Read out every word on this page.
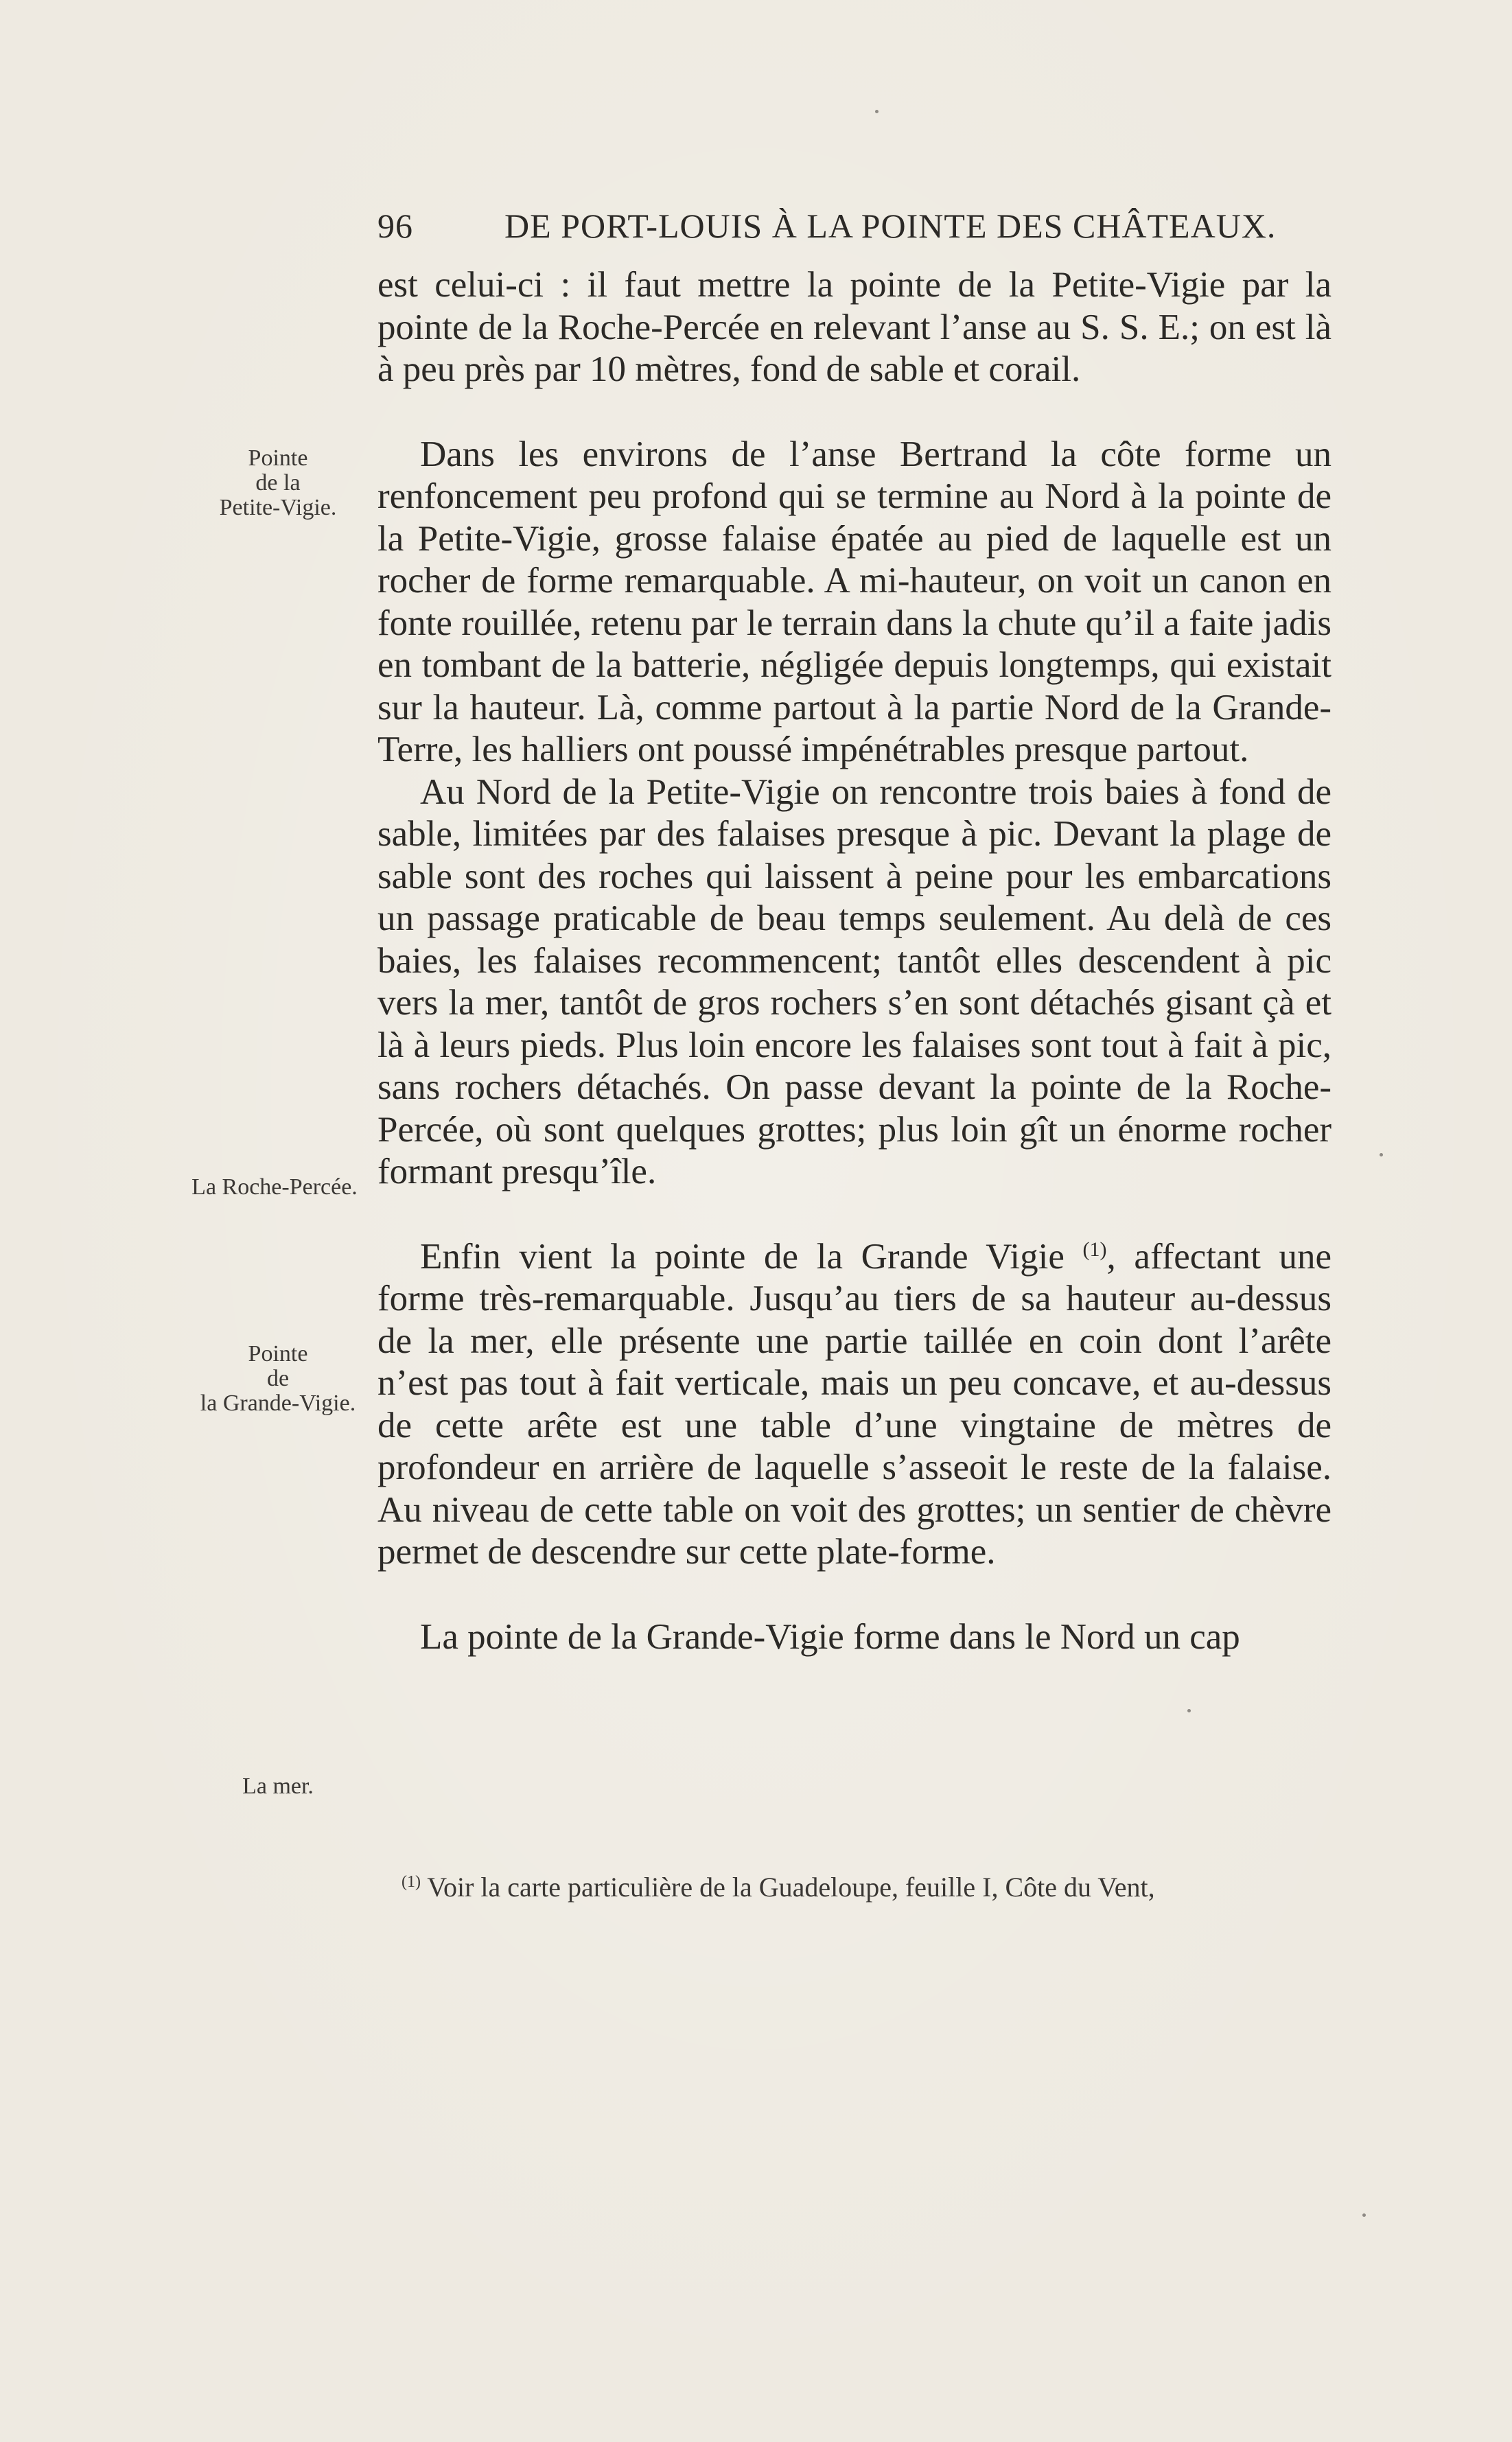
96	DE PORT-LOUIS À LA POINTE DES CHÂTEAUX.
Pointe
de la
Petite-Vigie.
La Roche-Percée.
Pointe
de
la Grande-Vigie.
La mer.

est celui-ci : il faut mettre la pointe de la Petite-Vigie par la pointe de la Roche-Percée en relevant l’anse au S. S. E.; on est là à peu près par 10 mètres, fond de sable et corail.

Dans les environs de l’anse Bertrand la côte forme un renfoncement peu profond qui se termine au Nord à la pointe de la Petite-Vigie, grosse falaise épatée au pied de laquelle est un rocher de forme remarquable. A mi-hauteur, on voit un canon en fonte rouillée, retenu par le terrain dans la chute qu’il a faite jadis en tombant de la batterie, négligée depuis longtemps, qui existait sur la hauteur. Là, comme partout à la partie Nord de la Grande-Terre, les halliers ont poussé impénétrables presque partout.

Au Nord de la Petite-Vigie on rencontre trois baies à fond de sable, limitées par des falaises presque à pic. Devant la plage de sable sont des roches qui laissent à peine pour les embarcations un passage praticable de beau temps seulement. Au delà de ces baies, les falaises recommencent; tantôt elles descendent à pic vers la mer, tantôt de gros rochers s’en sont détachés gisant çà et là à leurs pieds. Plus loin encore les falaises sont tout à fait à pic, sans rochers détachés. On passe devant la pointe de la Roche-Percée, où sont quelques grottes; plus loin gît un énorme rocher formant presqu’île.

Enfin vient la pointe de la Grande Vigie $^{(1)}$, affectant une forme très-remarquable. Jusqu’au tiers de sa hauteur au-dessus de la mer, elle présente une partie taillée en coin dont l’arête n’est pas tout à fait verticale, mais un peu concave, et au-dessus de cette arête est une table d’une vingtaine de mètres de profondeur en arrière de laquelle s’asseoit le reste de la falaise. Au niveau de cette table on voit des grottes; un sentier de chèvre permet de descendre sur cette plate-forme.

La pointe de la Grande-Vigie forme dans le Nord un cap

$^{(1)}$ Voir la carte particulière de la Guadeloupe, feuille I, Côte du Vent,
